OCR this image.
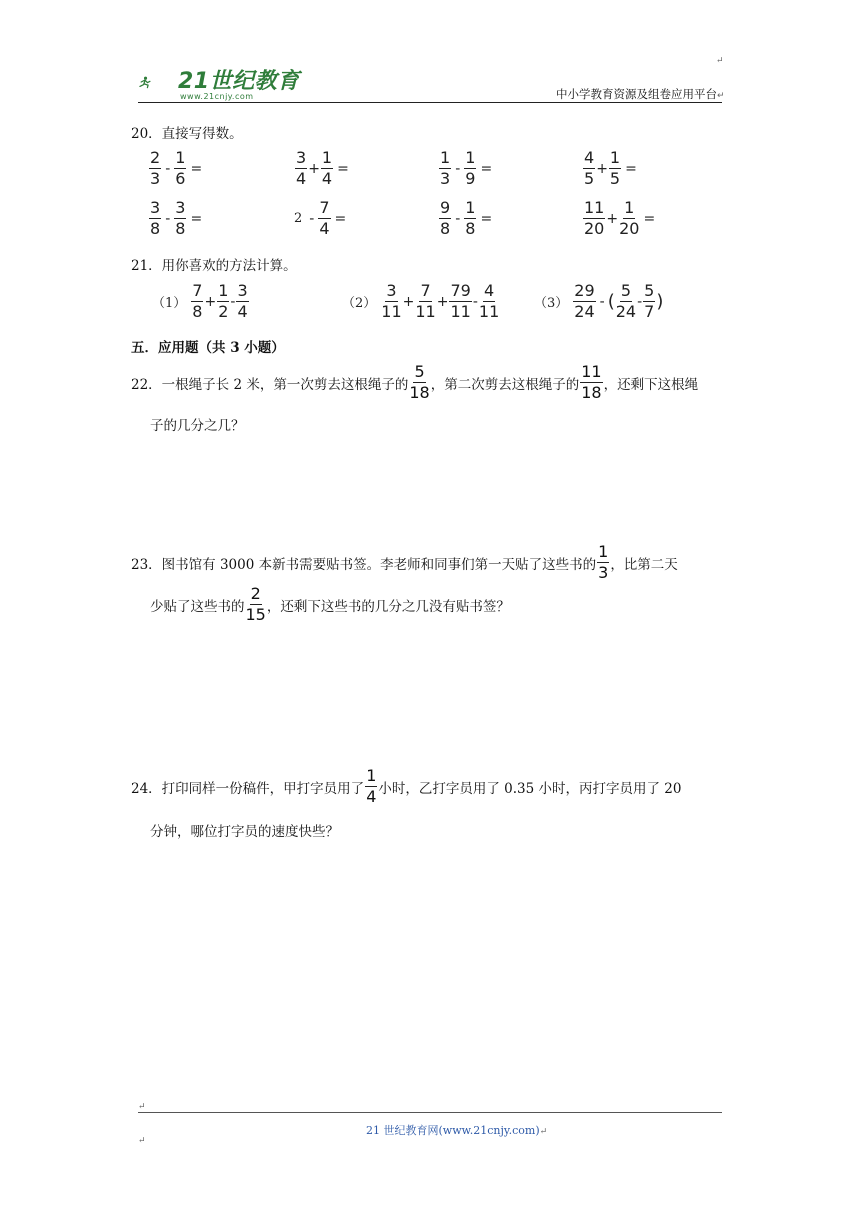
↵
21世纪教育
www.21cnjy.com	中小学教育资源及组卷应用平台↵
20．直接写得数。
$\frac{2}{3} - \frac{1}{6}$ =	$\frac{3}{4} + \frac{1}{4}$ =	$\frac{1}{3} - \frac{1}{9}$ =	$\frac{4}{5} + \frac{1}{5}$ =
$\frac{3}{8} - \frac{3}{8}$ =	$2 - \frac{7}{4}$ =	$\frac{9}{8} - \frac{1}{8}$ =	$\frac{11}{20} + \frac{1}{20}$ =
21．用你喜欢的方法计算。
$(1) \frac{7}{8} + \frac{1}{2} - \frac{3}{4}$	$(2) \frac{3}{11} + \frac{7}{11} + \frac{79}{11} - \frac{4}{11}$	$(3) \frac{29}{24}$ - ( $\frac{5}{24} - \frac{5}{7}$ )
五．应用题（共 3 小题）
22．一根绳子长 2 米，第一次剪去这根绳子的 $\frac{5}{18}$ ，第二次剪去这根绳子的 $\frac{11}{18}$ ，还剩下这根绳
子的几分之几？
23．图书馆有 3000 本新书需要贴书签。李老师和同事们第一天贴了这些书的 $\frac{1}{3}$ ，比第二天
少贴了这些书的 $\frac{2}{15}$ ，还剩下这些书的几分之几没有贴书签？
24．打印同样一份稿件，甲打字员用了 $\frac{1}{4}$ 小时，乙打字员用了 0.35 小时，丙打字员用了 20
分钟，哪位打字员的速度快些？
↵
21 世纪教育网(www.21cnjy.com)↵
↵
